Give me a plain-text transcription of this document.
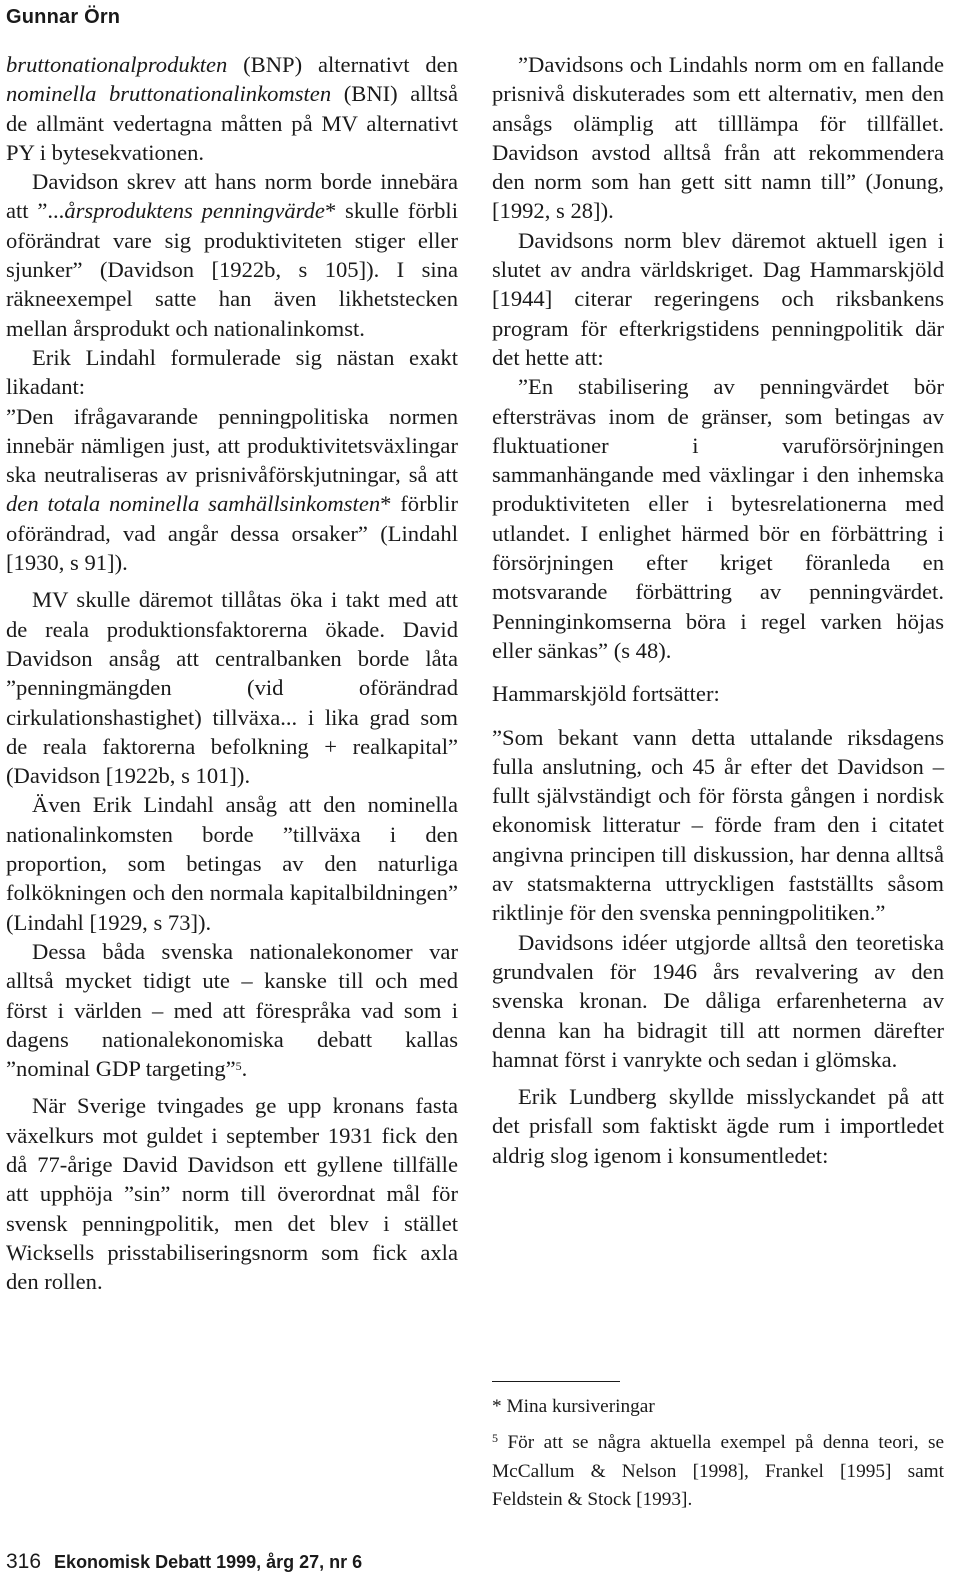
Gunnar Örn

bruttonationalprodukten (BNP) alternativt den nominella bruttonationalinkomsten (BNI) alltså de allmänt vedertagna måtten på MV alternativt PY i bytesekvationen.

Davidson skrev att hans norm borde innebära att ”...årsproduktens penningvärde* skulle förbli oförändrat vare sig produktiviteten stiger eller sjunker” (Davidson [1922b, s 105]). I sina räkneexempel satte han även likhetstecken mellan årsprodukt och nationalinkomst.

Erik Lindahl formulerade sig nästan exakt likadant:

”Den ifrågavarande penningpolitiska normen innebär nämligen just, att produktivitetsväxlingar ska neutraliseras av prisnivåförskjutningar, så att den totala nominella samhällsinkomsten* förblir oförändrad, vad angår dessa orsaker” (Lindahl [1930, s 91]).

MV skulle däremot tillåtas öka i takt med att de reala produktionsfaktorerna ökade. David Davidson ansåg att centralbanken borde låta ”penningmängden (vid oförändrad cirkulationshastighet) tillväxa... i lika grad som de reala faktorerna befolkning + realkapital” (Davidson [1922b, s 101]).

Även Erik Lindahl ansåg att den nominella nationalinkomsten borde ”tillväxa i den proportion, som betingas av den naturliga folkökningen och den normala kapitalbildningen” (Lindahl [1929, s 73]).

Dessa båda svenska nationalekonomer var alltså mycket tidigt ute – kanske till och med först i världen – med att förespråka vad som i dagens nationalekonomiska debatt kallas ”nominal GDP targeting”$^5$.

När Sverige tvingades ge upp kronans fasta växelkurs mot guldet i september 1931 fick den då 77-årige David Davidson ett gyllene tillfälle att upphöja ”sin” norm till överordnat mål för svensk penningpolitik, men det blev i stället Wicksells prisstabiliseringsnorm som fick axla den rollen.

”Davidsons och Lindahls norm om en fallande prisnivå diskuterades som ett alternativ, men den ansågs olämplig att tilllämpa för tillfället. Davidson avstod alltså från att rekommendera den norm som han gett sitt namn till” (Jonung, [1992, s 28]).

Davidsons norm blev däremot aktuell igen i slutet av andra världskriget. Dag Hammarskjöld [1944] citerar regeringens och riksbankens program för efterkrigstidens penningpolitik där det hette att:

”En stabilisering av penningvärdet bör eftersträvas inom de gränser, som betingas av fluktuationer i varuförsörjningen sammanhängande med växlingar i den inhemska produktiviteten eller i bytesrelationerna med utlandet. I enlighet härmed bör en förbättring i försörjningen efter kriget föranleda en motsvarande förbättring av penningvärdet. Penninginkomserna böra i regel varken höjas eller sänkas” (s 48).

Hammarskjöld fortsätter:

”Som bekant vann detta uttalande riksdagens fulla anslutning, och 45 år efter det Davidson – fullt självständigt och för första gången i nordisk ekonomisk litteratur – förde fram den i citatet angivna principen till diskussion, har denna alltså av statsmakterna uttryckligen fastställts såsom riktlinje för den svenska penningpolitiken.”

Davidsons idéer utgjorde alltså den teoretiska grundvalen för 1946 års revalvering av den svenska kronan. De dåliga erfarenheterna av denna kan ha bidragit till att normen därefter hamnat först i vanrykte och sedan i glömska.

Erik Lundberg skyllde misslyckandet på att det prisfall som faktiskt ägde rum i importledet aldrig slog igenom i konsumentledet:

* Mina kursiveringar

$^5$ För att se några aktuella exempel på denna teori, se McCallum & Nelson [1998], Frankel [1995] samt Feldstein & Stock [1993].

316 Ekonomisk Debatt 1999, årg 27, nr 6
